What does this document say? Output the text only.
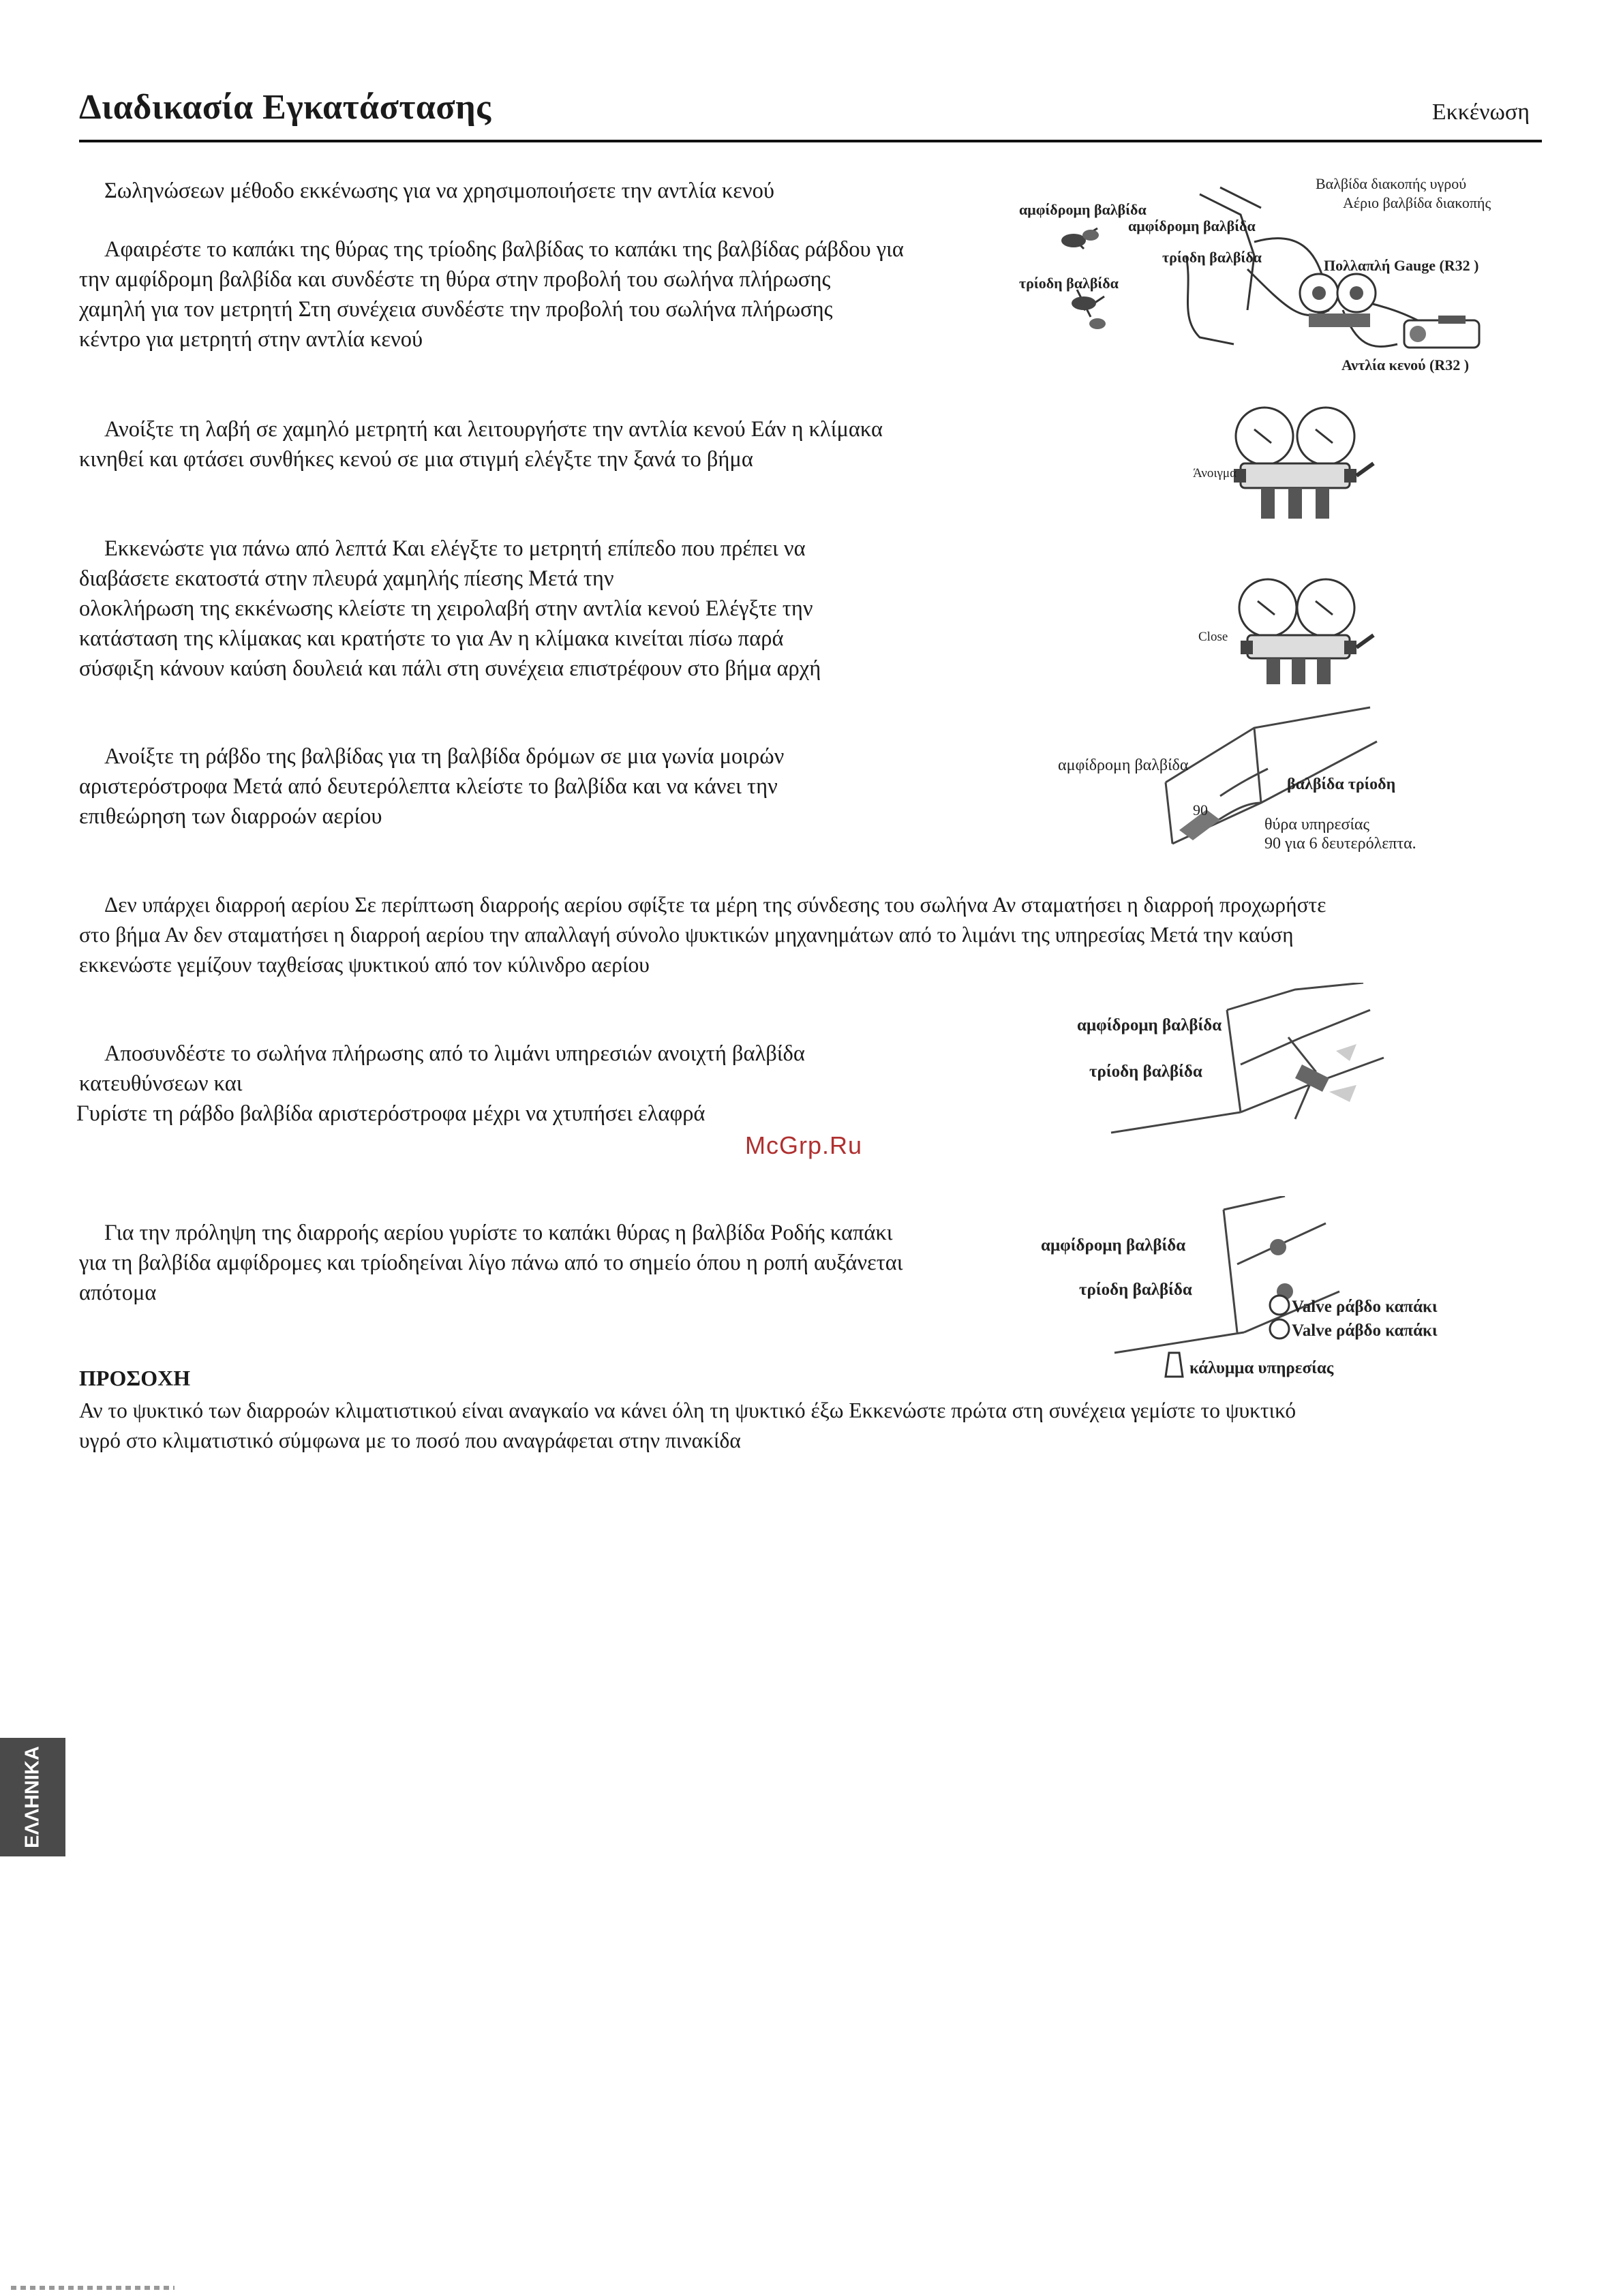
Διαδικασία Εγκατάστασης	Εκκένωση

Σωληνώσεων μέθοδο εκκένωσης για να χρησιμοποιήσετε την αντλία κενού

Αφαιρέστε το καπάκι της θύρας της τρίοδης βαλβίδας το καπάκι της βαλβίδας ράβδου για

την αμφίδρομη βαλβίδα και συνδέστε τη θύρα στην προβολή του σωλήνα πλήρωσης

χαμηλή για τον μετρητή Στη συνέχεια συνδέστε την προβολή του σωλήνα πλήρωσης

κέντρο για μετρητή στην αντλία κενού

Ανοίξτε τη λαβή σε χαμηλό μετρητή και λειτουργήστε την αντλία κενού Εάν η κλίμακα

κινηθεί και φτάσει συνθήκες κενού σε μια στιγμή ελέγξτε την ξανά το βήμα

Εκκενώστε για πάνω από λεπτά Και ελέγξτε το μετρητή επίπεδο που πρέπει να

διαβάσετε εκατοστά στην πλευρά χαμηλής πίεσης Μετά την

ολοκλήρωση της εκκένωσης κλείστε τη χειρολαβή στην αντλία κενού Ελέγξτε την

κατάσταση της κλίμακας και κρατήστε το για Αν η κλίμακα κινείται πίσω παρά

σύσφιξη κάνουν καύση δουλειά και πάλι στη συνέχεια επιστρέφουν στο βήμα αρχή

Ανοίξτε τη ράβδο της βαλβίδας για τη βαλβίδα δρόμων σε μια γωνία μοιρών

αριστερόστροφα Μετά από δευτερόλεπτα κλείστε το βαλβίδα και να κάνει την

επιθεώρηση των διαρροών αερίου

Δεν υπάρχει διαρροή αερίου Σε περίπτωση διαρροής αερίου σφίξτε τα μέρη της σύνδεσης του σωλήνα Αν σταματήσει η διαρροή προχωρήστε

στο βήμα Αν δεν σταματήσει η διαρροή αερίου την απαλλαγή σύνολο ψυκτικών μηχανημάτων από το λιμάνι της υπηρεσίας Μετά την καύση

εκκενώστε γεμίζουν ταχθείσας ψυκτικού από τον κύλινδρο αερίου

Αποσυνδέστε το σωλήνα πλήρωσης από το λιμάνι υπηρεσιών ανοιχτή βαλβίδα

κατευθύνσεων και

Γυρίστε τη ράβδο βαλβίδα αριστερόστροφα μέχρι να χτυπήσει ελαφρά

McGrp.Ru

Για την πρόληψη της διαρροής αερίου γυρίστε το καπάκι θύρας η βαλβίδα Ροδής καπάκι

για τη βαλβίδα αμφίδρομες και τρίοδηείναι λίγο πάνω από το σημείο όπου η ροπή αυξάνεται

απότομα

ΠΡΟΣΟΧΗ

Αν το ψυκτικό των διαρροών κλιματιστικού είναι αναγκαίο να κάνει όλη τη ψυκτικό έξω Εκκενώστε πρώτα στη συνέχεια γεμίστε το ψυκτικό

υγρό στο κλιματιστικό σύμφωνα με το ποσό που αναγράφεται στην πινακίδα

Βαλβίδα διακοπής υγρού
Αέριο βαλβίδα διακοπής
αμφίδρομη βαλβίδα
αμφίδρομη βαλβίδα
τρίοδη βαλβίδα
τρίοδη βαλβίδα
Πολλαπλή Gauge (R32 )
Αντλία κενού (R32 )
Άνοιγμα
Close
αμφίδρομη βαλβίδα
βαλβίδα τρίοδη
90
θύρα υπηρεσίας
90 για 6 δευτερόλεπτα.
αμφίδρομη βαλβίδα
τρίοδη βαλβίδα
αμφίδρομη βαλβίδα
τρίοδη βαλβίδα
Valve ράβδο καπάκι
Valve ράβδο καπάκι
κάλυμμα υπηρεσίας
ΕΛΛΗΝΙΚΑ
